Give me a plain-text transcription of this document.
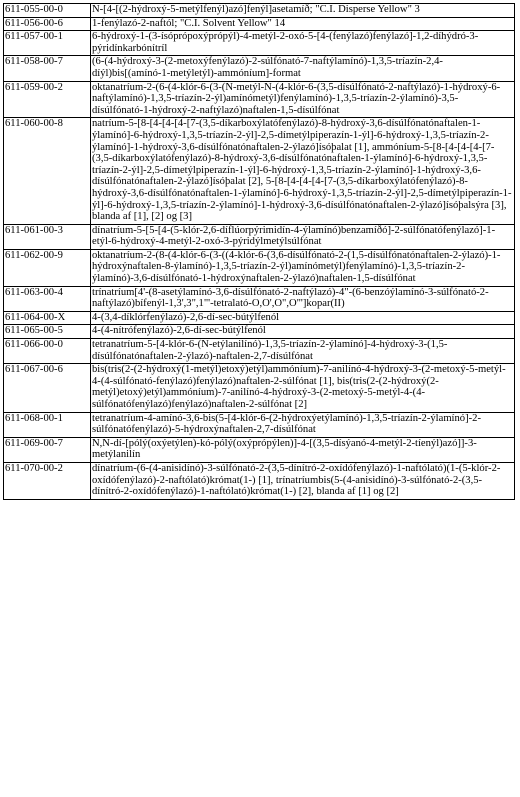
611-055-00-0	N-[4-[(2-hýdroxý-5-metýlfenýl)azó]fenýl]asetamíð; "C.I. Disperse Yellow" 3
611-056-00-6	1-fenýlazó-2-naftól; "C.I. Solvent Yellow" 14
611-057-00-1	6-hýdroxý-1-(3-ísóprópoxýprópýl)-4-metýl-2-oxó-5-[4-(fenýlazó)fenýlazó]-1,2-díhýdró-3-pýridínkarbónítríl
611-058-00-7	(6-(4-hýdroxý-3-(2-metoxýfenýlazó)-2-súlfónató-7-naftýlamínó)-1,3,5-tríazín-2,4-díýl)bis[(amínó-1-metýletýl)-ammóníum]-format
611-059-00-2	oktanatríum-2-(6-(4-klór-6-(3-(N-metýl-N-(4-klór-6-(3,5-dísúlfónató-2-naftýlazó)-1-hýdroxý-6-naftýlamínó)-1,3,5-tríazín-2-ýl)amínómetýl)fenýlamínó)-1,3,5-tríazín-2-ýlamínó)-3,5-dísúlfónató-1-hýdroxý-2-naftýlazó)naftalen-1,5-dísúlfónat
611-060-00-8	natríum-5-[8-[4-[4-[4-[7-(3,5-díkarboxýlatófenýlazó)-8-hýdroxý-3,6-dísúlfónatónaftalen-1-ýlamínó]-6-hýdroxý-1,3,5-tríazín-2-ýl]-2,5-dímetýlpiperazín-1-ýl]-6-hýdroxý-1,3,5-tríazín-2-ýlamínó]-1-hýdroxý-3,6-dísúlfónatónaftalen-2-ýlazó]ísóþalat [1], ammóníum-5-[8-[4-[4-[4-[7-(3,5-díkarboxýlatófenýlazó)-8-hýdroxý-3,6-dísúlfónatónaftalen-1-ýlamínó]-6-hýdroxý-1,3,5-tríazín-2-ýl]-2,5-dímetýlpiperazín-1-ýl]-6-hýdroxý-1,3,5-tríazín-2-ýlamínó]-1-hýdroxý-3,6-dísúlfónatónaftalen-2-ýlazó]ísóþalat [2], 5-[8-[4-[4-[4-[7-(3,5-díkarboxýlatófenýlazó)-8-hýdroxý-3,6-dísúlfónatónaftalen-1-ýlamínó]-6-hýdroxý-1,3,5-tríazín-2-ýl]-2,5-dímetýlpiperazín-1-ýl]-6-hýdroxý-1,3,5-tríazín-2-ýlamínó]-1-hýdroxý-3,6-dísúlfónatónaftalen-2-ýlazó]ísóþalsýra [3], blanda af [1], [2] og [3]
611-061-00-3	dínatríum-5-[5-[4-(5-klór-2,6-díflúorpýrimidín-4-ýlamínó)benzamíðó]-2-súlfónatófenýlazó]-1-etýl-6-hýdroxý-4-metýl-2-oxó-3-pýridýlmetýlsúlfónat
611-062-00-9	oktanatríum-2-(8-(4-klór-6-(3-((4-klór-6-(3,6-dísúlfónató-2-(1,5-dísúlfónatónaftalen-2-ýlazó)-1-hýdroxýnaftalen-8-ýlamínó)-1,3,5-tríazín-2-ýl)amínómetýl)fenýlamínó)-1,3,5-tríazín-2-ýlamínó)-3,6-dísúlfónató-1-hýdroxýnaftalen-2-ýlazó)naftalen-1,5-dísúlfónat
611-063-00-4	trínatríum[4'-(8-asetýlamínó-3,6-dísúlfónató-2-naftýlazó)-4"-(6-benzóýlamínó-3-súlfónató-2-naftýlazó)bífenýl-1,3',3",1"'-tetralató-O,O',O",O"']kopar(II)
611-064-00-X	4-(3,4-díklórfenýlazó)-2,6-dí-sec-bútýlfenól
611-065-00-5	4-(4-nítrófenýlazó)-2,6-dí-sec-bútýlfenól
611-066-00-0	tetranatríum-5-[4-klór-6-(N-etýlanilínó)-1,3,5-tríazín-2-ýlamínó]-4-hýdroxý-3-(1,5-dísúlfónatónaftalen-2-ýlazó)-naftalen-2,7-dísúlfónat
611-067-00-6	bis(tris(2-(2-hýdroxý(1-metýl)etoxý)etýl)ammóníum)-7-anilínó-4-hýdroxý-3-(2-metoxý-5-metýl-4-(4-súlfónató-fenýlazó)fenýlazó)naftalen-2-súlfónat [1], bis(tris(2-(2-hýdroxý(2-metýl)etoxý)etýl)ammóníum)-7-anilínó-4-hýdroxý-3-(2-metoxý-5-metýl-4-(4-súlfónatófenýlazó)fenýlazó)naftalen-2-súlfónat [2]
611-068-00-1	tetranatríum-4-amínó-3,6-bis(5-[4-klór-6-(2-hýdroxýetýlamínó)-1,3,5-tríazín-2-ýlamínó]-2-súlfónatófenýlazó)-5-hýdroxýnaftalen-2,7-dísúlfónat
611-069-00-7	N,N-dí-[pólý(oxýetýlen)-kó-pólý(oxýprópýlen)]-4-[(3,5-dísýanó-4-metýl-2-tíenýl)azó]]-3-metýlanilín
611-070-00-2	dínatríum-(6-(4-anisidínó)-3-súlfónató-2-(3,5-dínítró-2-oxídófenýlazó)-1-naftólató)(1-(5-klór-2-oxídófenýlazó)-2-naftólató)krómat(1-) [1], trínatríumbis(5-(4-anisidínó)-3-súlfónató-2-(3,5-dínítró-2-oxídófenýlazó)-1-naftólató)krómat(1-) [2], blanda af [1] og [2]
